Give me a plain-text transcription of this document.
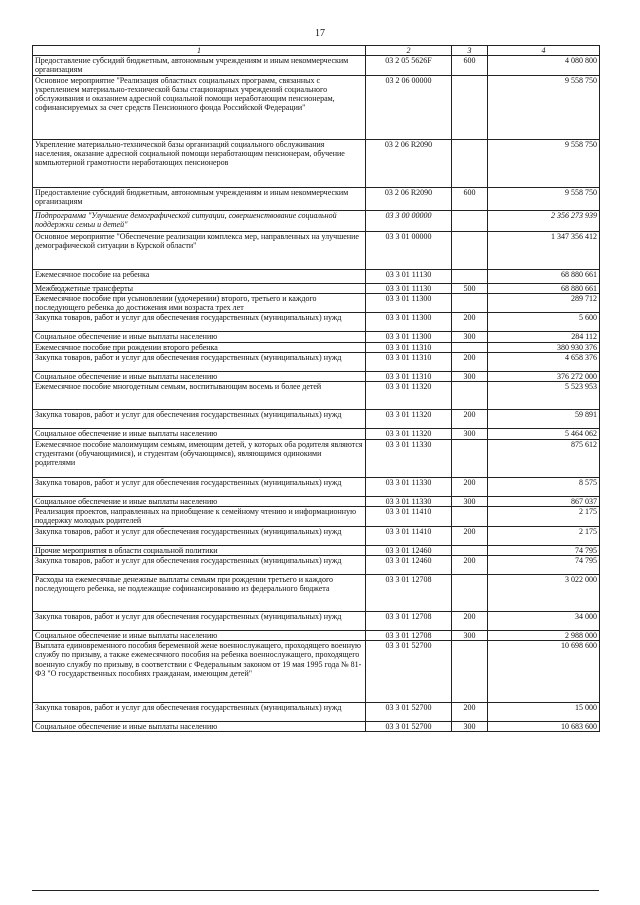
17
1	2	3	4
Предоставление субсидий бюджетным, автономным учреждениям и иным некоммерческим организациям	03 2 05 5626F	600	4 080 800
Основное мероприятие "Реализация областных социальных программ, связанных с укреплением материально-технической базы стационарных учреждений социального обслуживания и оказанием адресной социальной помощи неработающим пенсионерам, софинансируемых за счет средств Пенсионного фонда Российской Федерации"	03 2 06 00000		9 558 750
Укрепление материально-технической базы организаций социального обслуживания населения, оказание адресной социальной помощи неработающим пенсионерам, обучение компьютерной грамотности неработающих пенсионеров	03 2 06 R2090		9 558 750
Предоставление субсидий бюджетным, автономным учреждениям и иным некоммерческим организациям	03 2 06 R2090	600	9 558 750
Подпрограмма "Улучшение демографической ситуации, совершенствование социальной поддержки семьи и детей"	03 3 00 00000		2 356 273 939
Основное мероприятие "Обеспечение реализации комплекса мер, направленных на улучшение демографической ситуации в Курской области"	03 3 01 00000		1 347 356 412
Ежемесячное пособие на ребенка	03 3 01 11130		68 880 661
Межбюджетные трансферты	03 3 01 11130	500	68 880 661
Ежемесячное пособие при усыновлении (удочерении) второго, третьего и каждого последующего ребенка до достижения ими возраста трех лет	03 3 01 11300		289 712
Закупка товаров, работ и услуг для обеспечения государственных (муниципальных) нужд	03 3 01 11300	200	5 600
Социальное обеспечение и иные выплаты населению	03 3 01 11300	300	284 112
Ежемесячное пособие при рождении второго ребенка	03 3 01 11310		380 930 376
Закупка товаров, работ и услуг для обеспечения государственных (муниципальных) нужд	03 3 01 11310	200	4 658 376
Социальное обеспечение и иные выплаты населению	03 3 01 11310	300	376 272 000
Ежемесячное пособие многодетным семьям, воспитывающим восемь и более детей	03 3 01 11320		5 523 953
Закупка товаров, работ и услуг для обеспечения государственных (муниципальных) нужд	03 3 01 11320	200	59 891
Социальное обеспечение и иные выплаты населению	03 3 01 11320	300	5 464 062
Ежемесячное пособие малоимущим семьям, имеющим детей, у которых оба родителя являются студентами (обучающимися), и студентам (обучающимся), являющимся одинокими родителями	03 3 01 11330		875 612
Закупка товаров, работ и услуг для обеспечения государственных (муниципальных) нужд	03 3 01 11330	200	8 575
Социальное обеспечение и иные выплаты населению	03 3 01 11330	300	867 037
Реализация проектов, направленных на приобщение к семейному чтению и информационную поддержку молодых родителей	03 3 01 11410		2 175
Закупка товаров, работ и услуг для обеспечения государственных (муниципальных) нужд	03 3 01 11410	200	2 175
Прочие мероприятия в области социальной политики	03 3 01 12460		74 795
Закупка товаров, работ и услуг для обеспечения государственных (муниципальных) нужд	03 3 01 12460	200	74 795
Расходы на ежемесячные денежные выплаты семьям при рождении третьего и каждого последующего ребенка, не подлежащие софинансированию из федерального бюджета	03 3 01 12708		3 022 000
Закупка товаров, работ и услуг для обеспечения государственных (муниципальных) нужд	03 3 01 12708	200	34 000
Социальное обеспечение и иные выплаты населению	03 3 01 12708	300	2 988 000
Выплата единовременного пособия беременной жене военнослужащего, проходящего военную службу по призыву, а также ежемесячного пособия на ребенка военнослужащего, проходящего военную службу по призыву, в соответствии с Федеральным законом от 19 мая 1995 года № 81-ФЗ "О государственных пособиях гражданам, имеющим детей"	03 3 01 52700		10 698 600
Закупка товаров, работ и услуг для обеспечения государственных (муниципальных) нужд	03 3 01 52700	200	15 000
Социальное обеспечение и иные выплаты населению	03 3 01 52700	300	10 683 600
